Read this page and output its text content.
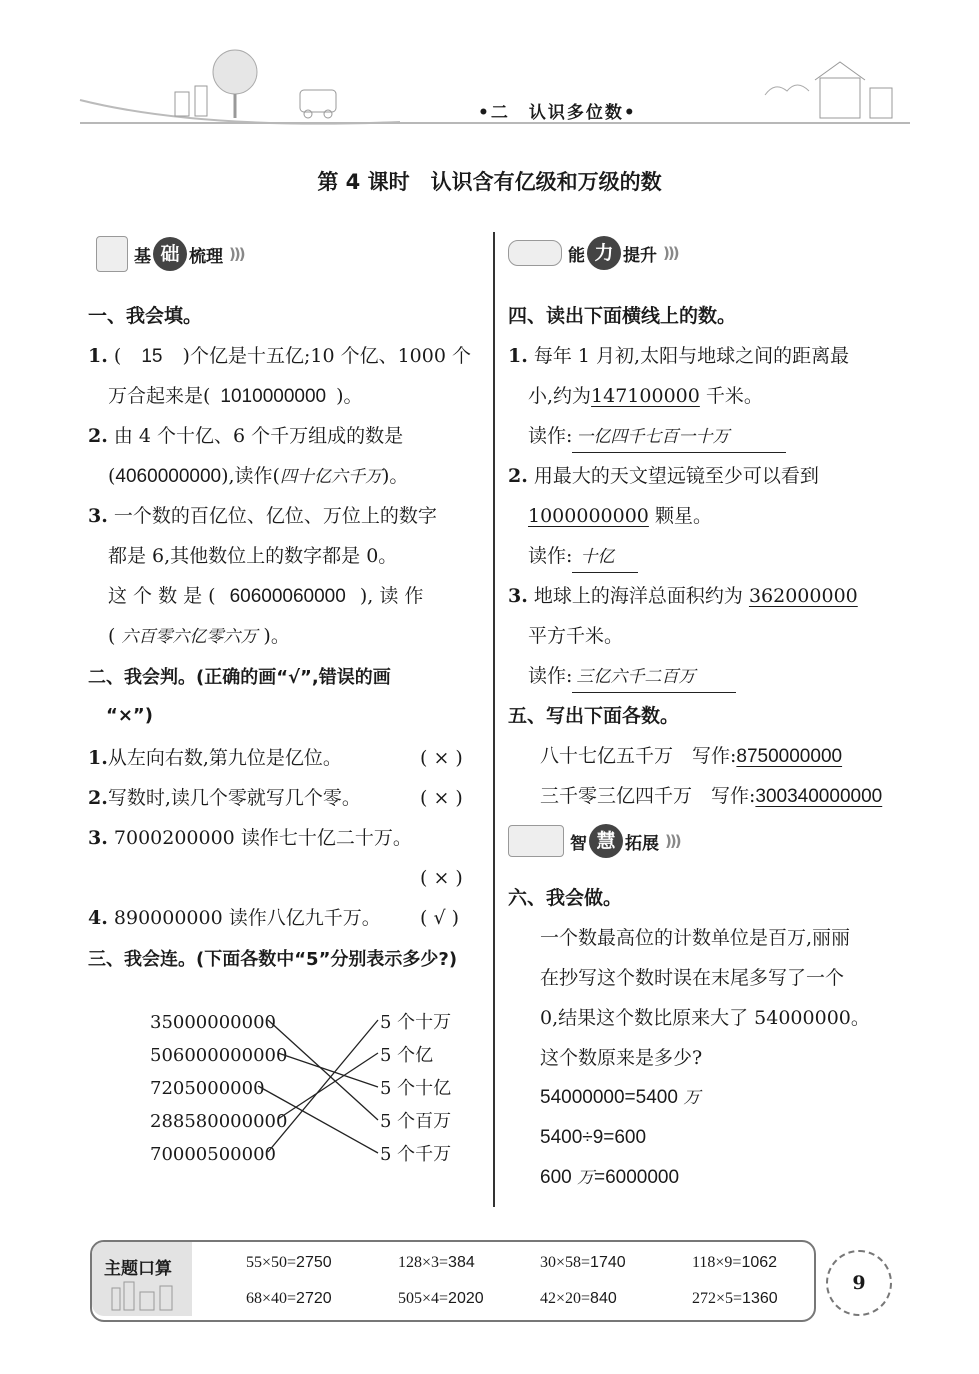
•二　认识多位数•
第 4 课时　认识含有亿级和万级的数
基 础 梳理 )))	能 力 提升 )))
一、我会填。
1. ( 15 )个亿是十五亿;10 个亿、1000 个
万合起来是( 1010000000 )。
2. 由 4 个十亿、6 个千万组成的数是
(4060000000),读作(四十亿六千万)。
3. 一个数的百亿位、亿位、万位上的数字
都是 6,其他数位上的数字都是 0。
这 个 数 是 ( 60600060000 ), 读 作
( 六百零六亿零六万 )。
二、我会判。(正确的画“√”,错误的画
“×”)
1.从左向右数,第九位是亿位。	( × )
2.写数时,读几个零就写几个零。	( × )
3. 7000200000 读作七十亿二十万。
( × )
4. 890000000 读作八亿九千万。 ( √ )
三、我会连。(下面各数中“5”分别表示多少?)
35000000000
506000000000
7205000000
288580000000
70000500000
5 个十万
5 个亿
5 个十亿
5 个百万
5 个千万
四、读出下面横线上的数。
1. 每年 1 月初,太阳与地球之间的距离最
小,约为147100000 千米。
读作: 一亿四千七百一十万
2. 用最大的天文望远镜至少可以看到
1000000000 颗星。
读作: 十亿
3. 地球上的海洋总面积约为 362000000
平方千米。
读作: 三亿六千二百万
五、写出下面各数。
八十七亿五千万　写作:8750000000
三千零三亿四千万　写作:300340000000
智 慧 拓展 )))
六、我会做。
一个数最高位的计数单位是百万,丽丽
在抄写这个数时误在末尾多写了一个
0,结果这个数比原来大了 54000000。
这个数原来是多少?
54000000=5400 万
5400÷9=600
600 万=6000000
主题口算	55×50=2750	128×3=384	30×58=1740	118×9=1062
68×40=2720	505×4=2020	42×20=840	272×5=1360
9
